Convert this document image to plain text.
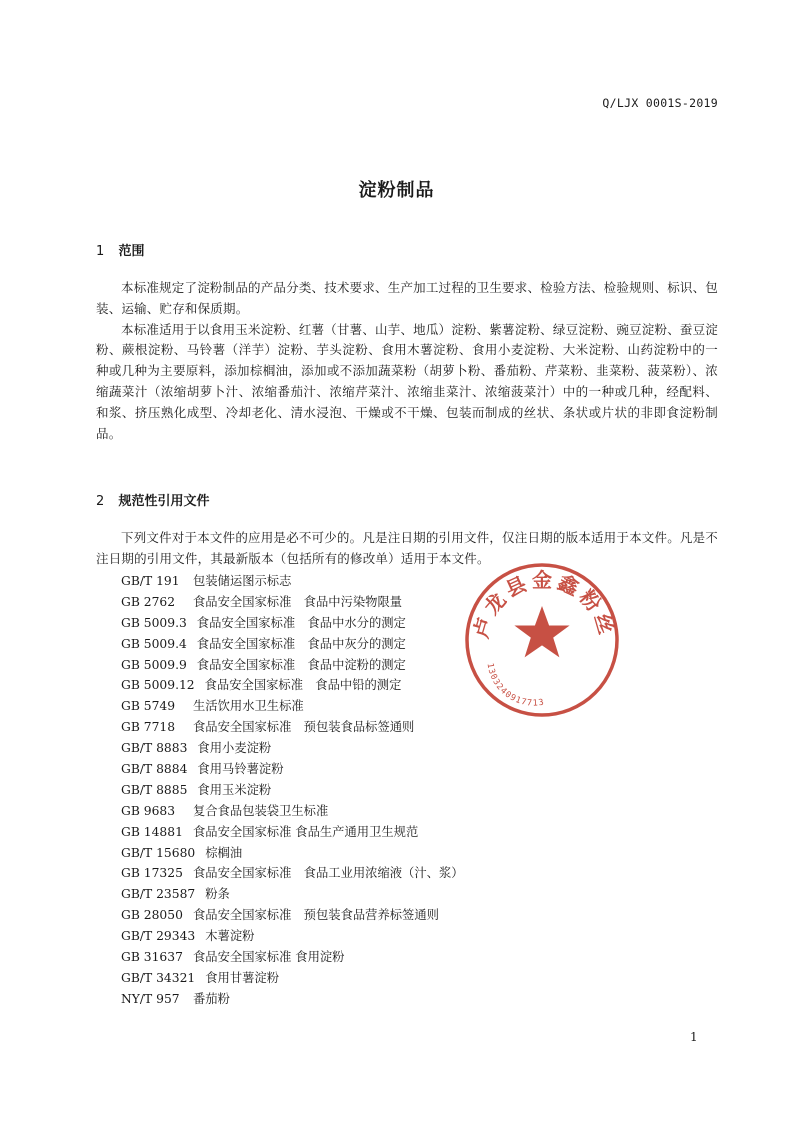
Q/LJX 0001S-2019
淀粉制品
1 范围

本标准规定了淀粉制品的产品分类、技术要求、生产加工过程的卫生要求、检验方法、检验规则、标识、包装、运输、贮存和保质期。

本标准适用于以食用玉米淀粉、红薯（甘薯、山芋、地瓜）淀粉、紫薯淀粉、绿豆淀粉、豌豆淀粉、蚕豆淀粉、蕨根淀粉、马铃薯（洋芋）淀粉、芋头淀粉、食用木薯淀粉、食用小麦淀粉、大米淀粉、山药淀粉中的一种或几种为主要原料，添加棕榈油，添加或不添加蔬菜粉（胡萝卜粉、番茄粉、芹菜粉、韭菜粉、菠菜粉）、浓缩蔬菜汁（浓缩胡萝卜汁、浓缩番茄汁、浓缩芹菜汁、浓缩韭菜汁、浓缩菠菜汁）中的一种或几种，经配料、和浆、挤压熟化成型、冷却老化、清水浸泡、干燥或不干燥、包装而制成的丝状、条状或片状的非即食淀粉制品。

2 规范性引用文件

下列文件对于本文件的应用是必不可少的。凡是注日期的引用文件，仅注日期的版本适用于本文件。凡是不注日期的引用文件，其最新版本（包括所有的修改单）适用于本文件。

GB/T 191 包装储运图示标志
GB 2762 食品安全国家标准　食品中污染物限量
GB 5009.3 食品安全国家标准　食品中水分的测定
GB 5009.4 食品安全国家标准　食品中灰分的测定
GB 5009.9 食品安全国家标准　食品中淀粉的测定
GB 5009.12 食品安全国家标准　食品中铅的测定
GB 5749 生活饮用水卫生标准
GB 7718 食品安全国家标准　预包装食品标签通则
GB/T 8883 食用小麦淀粉
GB/T 8884 食用马铃薯淀粉
GB/T 8885 食用玉米淀粉
GB 9683 复合食品包装袋卫生标准
GB 14881 食品安全国家标准 食品生产通用卫生规范
GB/T 15680 棕榈油
GB 17325 食品安全国家标准　食品工业用浓缩液（汁、浆）
GB/T 23587 粉条
GB 28050 食品安全国家标准　预包装食品营养标签通则
GB/T 29343 木薯淀粉
GB 31637 食品安全国家标准 食用淀粉
GB/T 34321 食用甘薯淀粉
NY/T 957 番茄粉
卢龙县金鑫粉丝
1303240917713
1
